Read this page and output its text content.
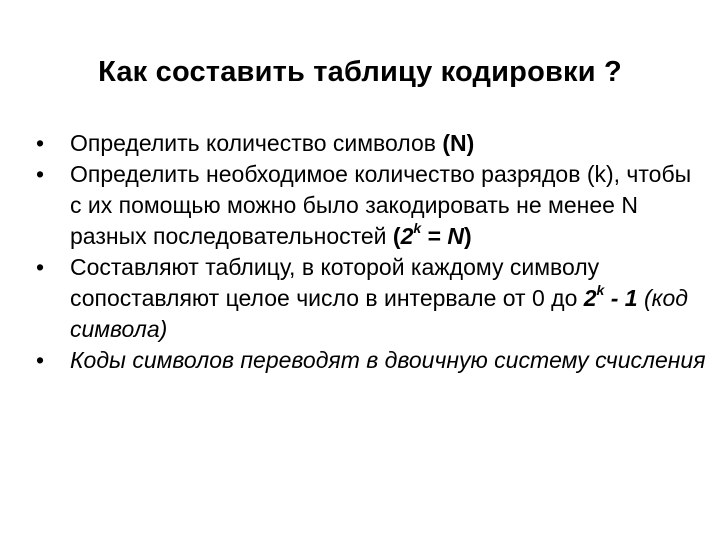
Как составить таблицу кодировки ?
•	Определить количество символов (N)
•	Определить необходимое количество разрядов (k), чтобы с их помощью можно было закодировать не менее N разных последовательностей $(2^k = N)$
•	Составляют таблицу, в которой каждому символу сопоставляют целое число в интервале от 0 до 2$^k$ - 1 (код символа)
•	Коды символов переводят в двоичную систему счисления
